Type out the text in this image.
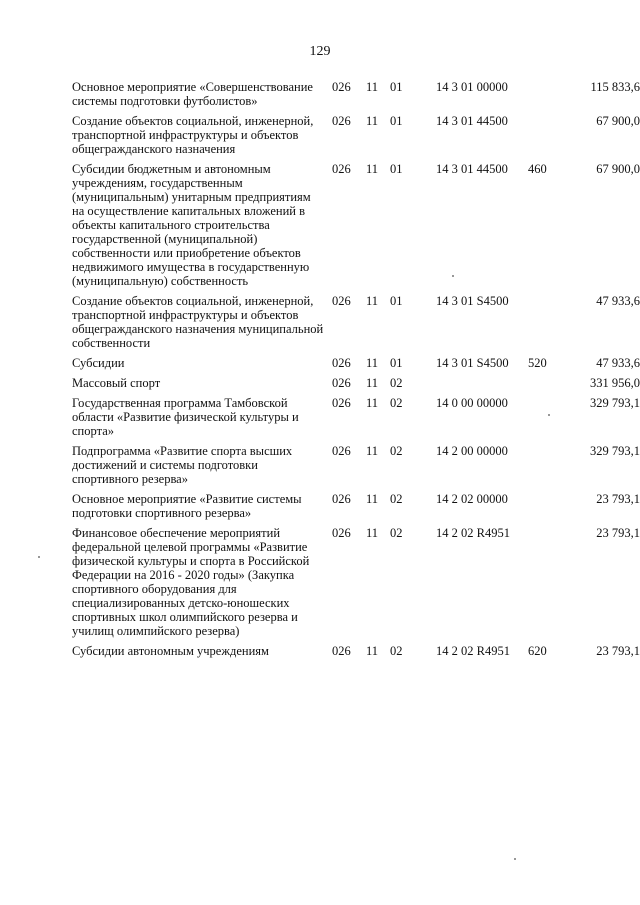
129
Основное мероприятие «Совершенствование системы подготовки футболистов»	026	11	01	14 3 01 00000		115 833,6
Создание объектов социальной, инженерной, транспортной инфраструктуры и объектов общегражданского назначения	026	11	01	14 3 01 44500		67 900,0
Субсидии бюджетным и автономным учреждениям, государственным (муниципальным) унитарным предприятиям на осуществление капитальных вложений в объекты капитального строительства государственной (муниципальной) собственности или приобретение объектов недвижимого имущества в государственную (муниципальную) собственность	026	11	01	14 3 01 44500	460	67 900,0
Создание объектов социальной, инженерной, транспортной инфраструктуры и объектов общегражданского назначения муниципальной собственности	026	11	01	14 3 01 S4500		47 933,6
Субсидии	026	11	01	14 3 01 S4500	520	47 933,6
Массовый спорт	026	11	02			331 956,0
Государственная программа Тамбовской области «Развитие физической культуры и спорта»	026	11	02	14 0 00 00000		329 793,1
Подпрограмма «Развитие спорта высших достижений и системы подготовки спортивного резерва»	026	11	02	14 2 00 00000		329 793,1
Основное мероприятие «Развитие системы подготовки спортивного резерва»	026	11	02	14 2 02 00000		23 793,1
Финансовое обеспечение мероприятий федеральной целевой программы «Развитие физической культуры и спорта в Российской Федерации на 2016 - 2020 годы» (Закупка спортивного оборудования для специализированных детско-юношеских спортивных школ олимпийского резерва и училищ олимпийского резерва)	026	11	02	14 2 02 R4951		23 793,1
Субсидии автономным учреждениям	026	11	02	14 2 02 R4951	620	23 793,1
